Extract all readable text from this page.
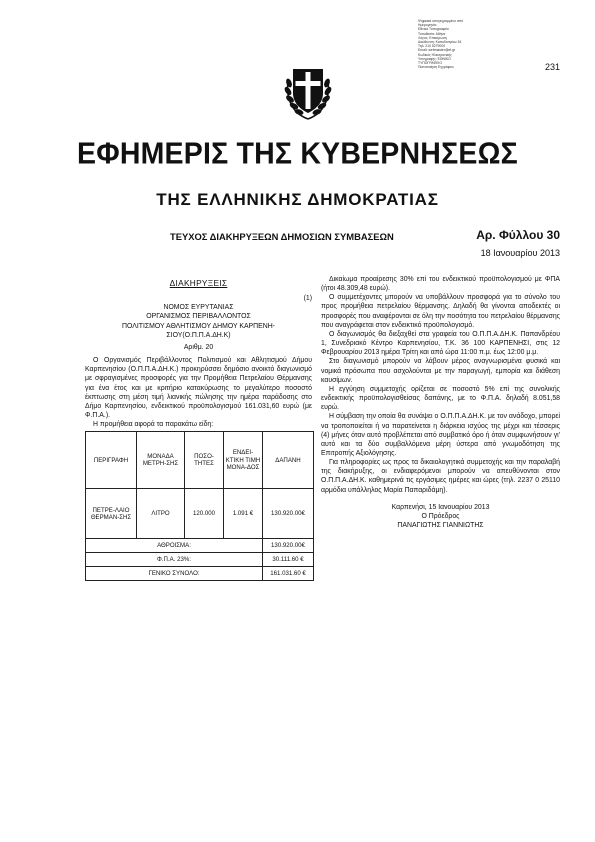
Ψηφιακά υπογεγραμμένο από
Ημερομηνία:
Εθνικό Τυπογραφείο
Τοποθεσία: Αθήνα
Λόγος: Επικύρωση
Διεύθυνση: Καποδιστρίου 34
Τηλ: 210 5279000
Email: webmaster@et.gr
Κωδικός Ηλεκτρονικής
Υπογραφής: ΕΘΝΙΚΟ
ΤΥΠΟΓΡΑΦΕΙΟ
Πιστοποίηση Εγγράφου	231
ΕΦΗΜΕΡΙΣ ΤΗΣ ΚΥΒΕΡΝΗΣΕΩΣ
ΤΗΣ ΕΛΛΗΝΙΚΗΣ ΔΗΜΟΚΡΑΤΙΑΣ
ΤΕΥΧΟΣ ΔΙΑΚΗΡΥΞΕΩΝ ΔΗΜΟΣΙΩΝ ΣΥΜΒΑΣΕΩΝ	Αρ. Φύλλου 30
18 Ιανουαρίου 2013
ΔΙΑΚΗΡΥΞΕΙΣ
(1)
ΝΟΜΟΣ ΕΥΡΥΤΑΝΙΑΣ
ΟΡΓΑΝΙΣΜΟΣ ΠΕΡΙΒΑΛΛΟΝΤΟΣ
ΠΟΛΙΤΙΣΜΟΥ ΑΘΛΗΤΙΣΜΟΥ ΔΗΜΟΥ ΚΑΡΠΕΝΗ-
ΣΙΟΥ(Ο.Π.Π.Α.ΔΗ.Κ)
Αριθμ. 20

Ο Οργανισμός Περιβάλλοντος Πολιτισμού και Αθλητισμού Δήμου Καρπενησίου (Ο.Π.Π.Α.ΔΗ.Κ.) προκηρύσσει δημόσιο ανοικτό διαγωνισμό με σφραγισμένες προσφορές για την Προμήθεια Πετρελαίου Θέρμανσης για ένα έτος και με κριτήριο κατακύρωσης το μεγαλύτερο ποσοστό έκπτωσης στη μέση τιμή λιανικής πώλησης την ημέρα παράδοσης στο Δήμο Καρπενησίου, ενδεικτικού προϋπολογισμού 161.031,60 ευρώ (με Φ.Π.Α.).

Η προμήθεια αφορά τα παρακάτω είδη:

ΠΕΡΙΓΡΑΦΗ	ΜΟΝΑΔΑ ΜΕΤΡΗ-ΣΗΣ	ΠΟΣΟ-ΤΗΤΕΣ	ΕΝΔΕΙ-ΚΤΙΚΗ ΤΙΜΗ ΜΟΝΑ-ΔΟΣ	ΔΑΠΑΝΗ
ΠΕΤΡΕ-ΛΑΙΟ ΘΕΡΜΑΝ-ΣΗΣ	ΛΙΤΡΟ	120.000	1.091 €	130.920.00€
ΑΘΡΟΙΣΜΑ:				130.920.00€
Φ.Π.Α. 23%:				30.111.60 €
ΓΕΝΙΚΟ ΣΥΝΟΛΟ:				161.031.60 €

Δικαίωμα προαίρεσης 30% επί του ενδεικτικού προϋπολογισμού με ΦΠΑ (ήτοι 48.309,48 ευρώ).

Ο συμμετέχοντες μπορούν να υποβάλλουν προσφορά για το σύνολο του προς προμήθεια πετρελαίου θέρμανσης. Δηλαδή θα γίνονται αποδεκτές οι προσφορές που αναφέρονται σε όλη την ποσότητα του πετρελαίου θέρμανσης που αναγράφεται στον ενδεικτικό προϋπολογισμό.

Ο διαγωνισμός θα διεξαχθεί στα γραφεία του Ο.Π.Π.Α.ΔΗ.Κ. Παπανδρέου 1, Συνεδριακό Κέντρο Καρπενησίου, Τ.Κ. 36 100 ΚΑΡΠΕΝΗΣΙ, στις 12 Φεβρουαρίου 2013 ημέρα Τρίτη και από ώρα 11:00 π.μ. έως 12:00 μ.μ.

Στο διαγωνισμό μπορούν να λάβουν μέρος αναγνωρισμένα φυσικά και νομικά πρόσωπα που ασχολούνται με την παραγωγή, εμπορία και διάθεση καυσίμων.

Η εγγύηση συμμετοχής ορίζεται σε ποσοστό 5% επί της συνολικής ενδεικτικής προϋπολογισθείσας δαπάνης, με το Φ.Π.Α. δηλαδή 8.051,58 ευρώ.

Η σύμβαση την οποία θα συνάψει ο Ο.Π.Π.Α.ΔΗ.Κ. με τον ανάδοχο, μπορεί να τροποποιείται ή να παρατείνεται η διάρκεια ισχύος της μέχρι και τέσσερις (4) μήνες όταν αυτό προβλέπεται από συμβατικό όρο ή όταν συμφωνήσουν γι' αυτό και τα δύο συμβαλλόμενα μέρη ύστερα από γνωμοδότηση της Επιτροπής Αξιολόγησης.

Για πληροφορίες ως προς τα δικαιολογητικά συμμετοχής και την παραλαβή της διακήρυξης, οι ενδιαφερόμενοι μπορούν να απευθύνονται στον Ο.Π.Π.Α.ΔΗ.Κ. καθημερινά τις εργάσιμες ημέρες και ώρες (τηλ. 2237 0 25110 αρμόδια υπάλληλος Μαρία Παπαριδάμη).

Καρπενήσι, 15 Ιανουαρίου 2013
Ο Πρόεδρος
ΠΑΝΑΓΙΩΤΗΣ ΓΙΑΝΝΙΩΤΗΣ
